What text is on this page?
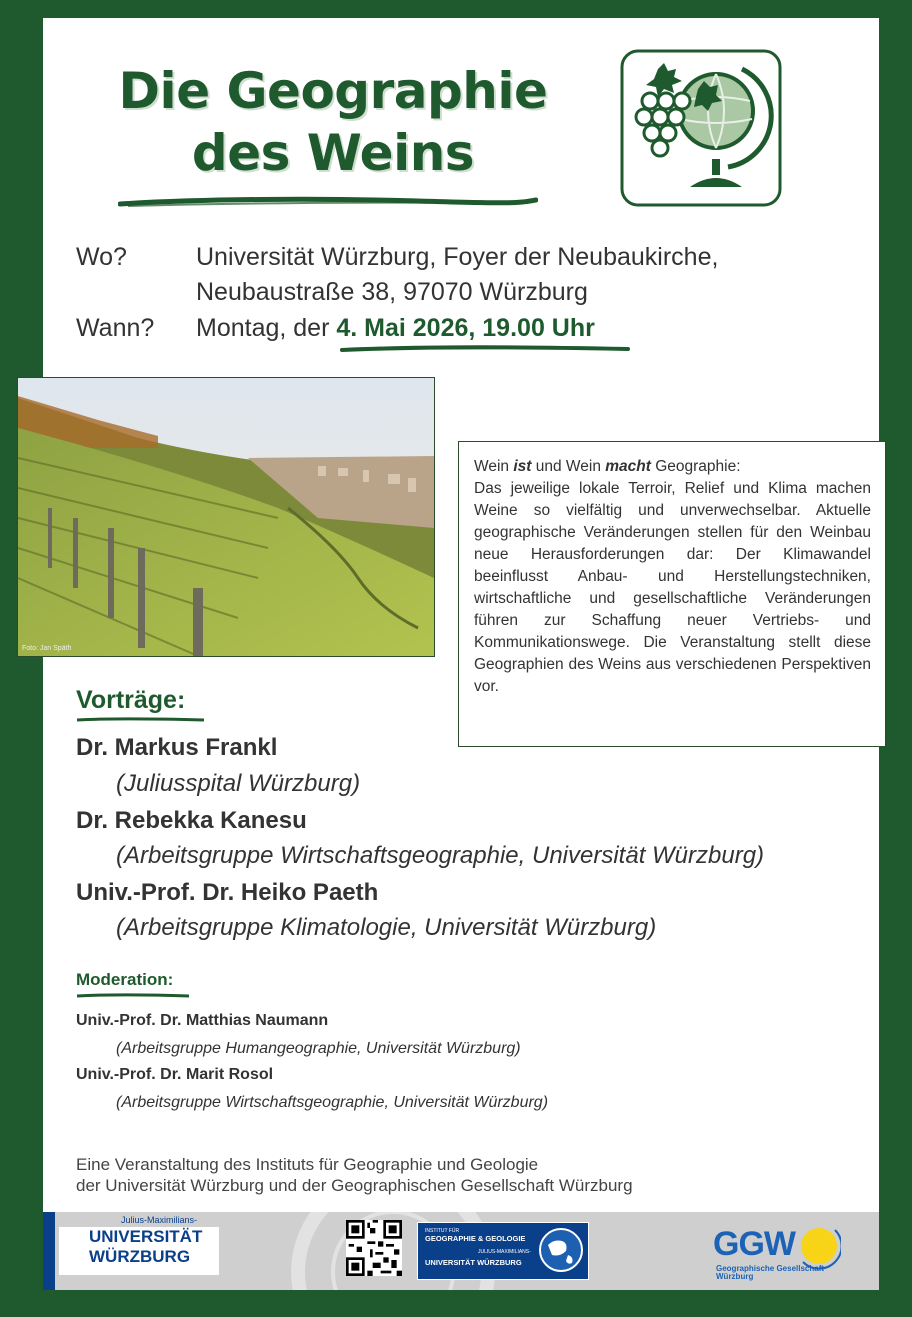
Die Geographie
des Weins
Wo?	Universität Würzburg, Foyer der Neubaukirche,
Neubaustraße 38, 97070 Würzburg
Wann? Montag, der 4. Mai 2026, 19.00 Uhr
Foto: Jan Späth
Wein ist und Wein macht Geographie:
Das jeweilige lokale Terroir, Relief und Klima machen Weine so vielfältig und unverwechselbar. Aktuelle geographische Veränderungen stellen für den Weinbau neue Herausforderungen dar: Der Klimawandel beeinflusst Anbau- und Herstellungstechniken, wirtschaftliche und gesellschaftliche Veränderungen führen zur Schaffung neuer Vertriebs- und Kommunikationswege. Die Veranstaltung stellt diese Geographien des Weins aus verschiedenen Perspektiven vor.
Vorträge:
Dr. Markus Frankl
(Juliusspital Würzburg)
Dr. Rebekka Kanesu
(Arbeitsgruppe Wirtschaftsgeographie, Universität Würzburg)
Univ.-Prof. Dr. Heiko Paeth
(Arbeitsgruppe Klimatologie, Universität Würzburg)
Moderation:
Univ.-Prof. Dr. Matthias Naumann
(Arbeitsgruppe Humangeographie, Universität Würzburg)
Univ.-Prof. Dr. Marit Rosol
(Arbeitsgruppe Wirtschaftsgeographie, Universität Würzburg)
Eine Veranstaltung des Instituts für Geographie und Geologie
der Universität Würzburg und der Geographischen Gesellschaft Würzburg
Julius-Maximilians-
UNIVERSITÄT
WÜRZBURG
INSTITUT FÜR
GEOGRAPHIE & GEOLOGIE
JULIUS-MAXIMILIANS-
UNIVERSITÄT WÜRZBURG	GGW
Geographische Gesellschaft
Würzburg
